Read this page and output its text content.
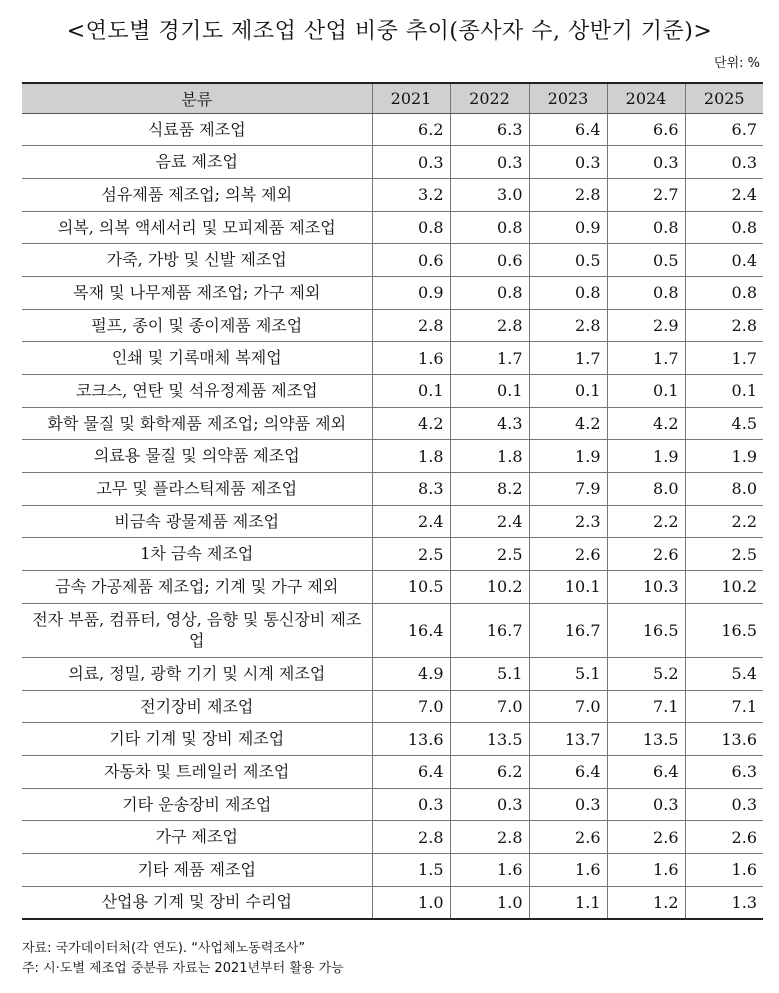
<연도별 경기도 제조업 산업 비중 추이(종사자 수, 상반기 기준)>
단위: %
분류	2021	2022	2023	2024	2025
식료품 제조업	6.2	6.3	6.4	6.6	6.7
음료 제조업	0.3	0.3	0.3	0.3	0.3
섬유제품 제조업; 의복 제외	3.2	3.0	2.8	2.7	2.4
의복, 의복 액세서리 및 모피제품 제조업	0.8	0.8	0.9	0.8	0.8
가죽, 가방 및 신발 제조업	0.6	0.6	0.5	0.5	0.4
목재 및 나무제품 제조업; 가구 제외	0.9	0.8	0.8	0.8	0.8
펄프, 종이 및 종이제품 제조업	2.8	2.8	2.8	2.9	2.8
인쇄 및 기록매체 복제업	1.6	1.7	1.7	1.7	1.7
코크스, 연탄 및 석유정제품 제조업	0.1	0.1	0.1	0.1	0.1
화학 물질 및 화학제품 제조업; 의약품 제외	4.2	4.3	4.2	4.2	4.5
의료용 물질 및 의약품 제조업	1.8	1.8	1.9	1.9	1.9
고무 및 플라스틱제품 제조업	8.3	8.2	7.9	8.0	8.0
비금속 광물제품 제조업	2.4	2.4	2.3	2.2	2.2
1차 금속 제조업	2.5	2.5	2.6	2.6	2.5
금속 가공제품 제조업; 기계 및 가구 제외	10.5	10.2	10.1	10.3	10.2
전자 부품, 컴퓨터, 영상, 음향 및 통신장비 제조업	16.4	16.7	16.7	16.5	16.5
의료, 정밀, 광학 기기 및 시계 제조업	4.9	5.1	5.1	5.2	5.4
전기장비 제조업	7.0	7.0	7.0	7.1	7.1
기타 기계 및 장비 제조업	13.6	13.5	13.7	13.5	13.6
자동차 및 트레일러 제조업	6.4	6.2	6.4	6.4	6.3
기타 운송장비 제조업	0.3	0.3	0.3	0.3	0.3
가구 제조업	2.8	2.8	2.6	2.6	2.6
기타 제품 제조업	1.5	1.6	1.6	1.6	1.6
산업용 기계 및 장비 수리업	1.0	1.0	1.1	1.2	1.3
자료: 국가데이터처(각 연도). “사업체노동력조사”
주: 시·도별 제조업 중분류 자료는 2021년부터 활용 가능
